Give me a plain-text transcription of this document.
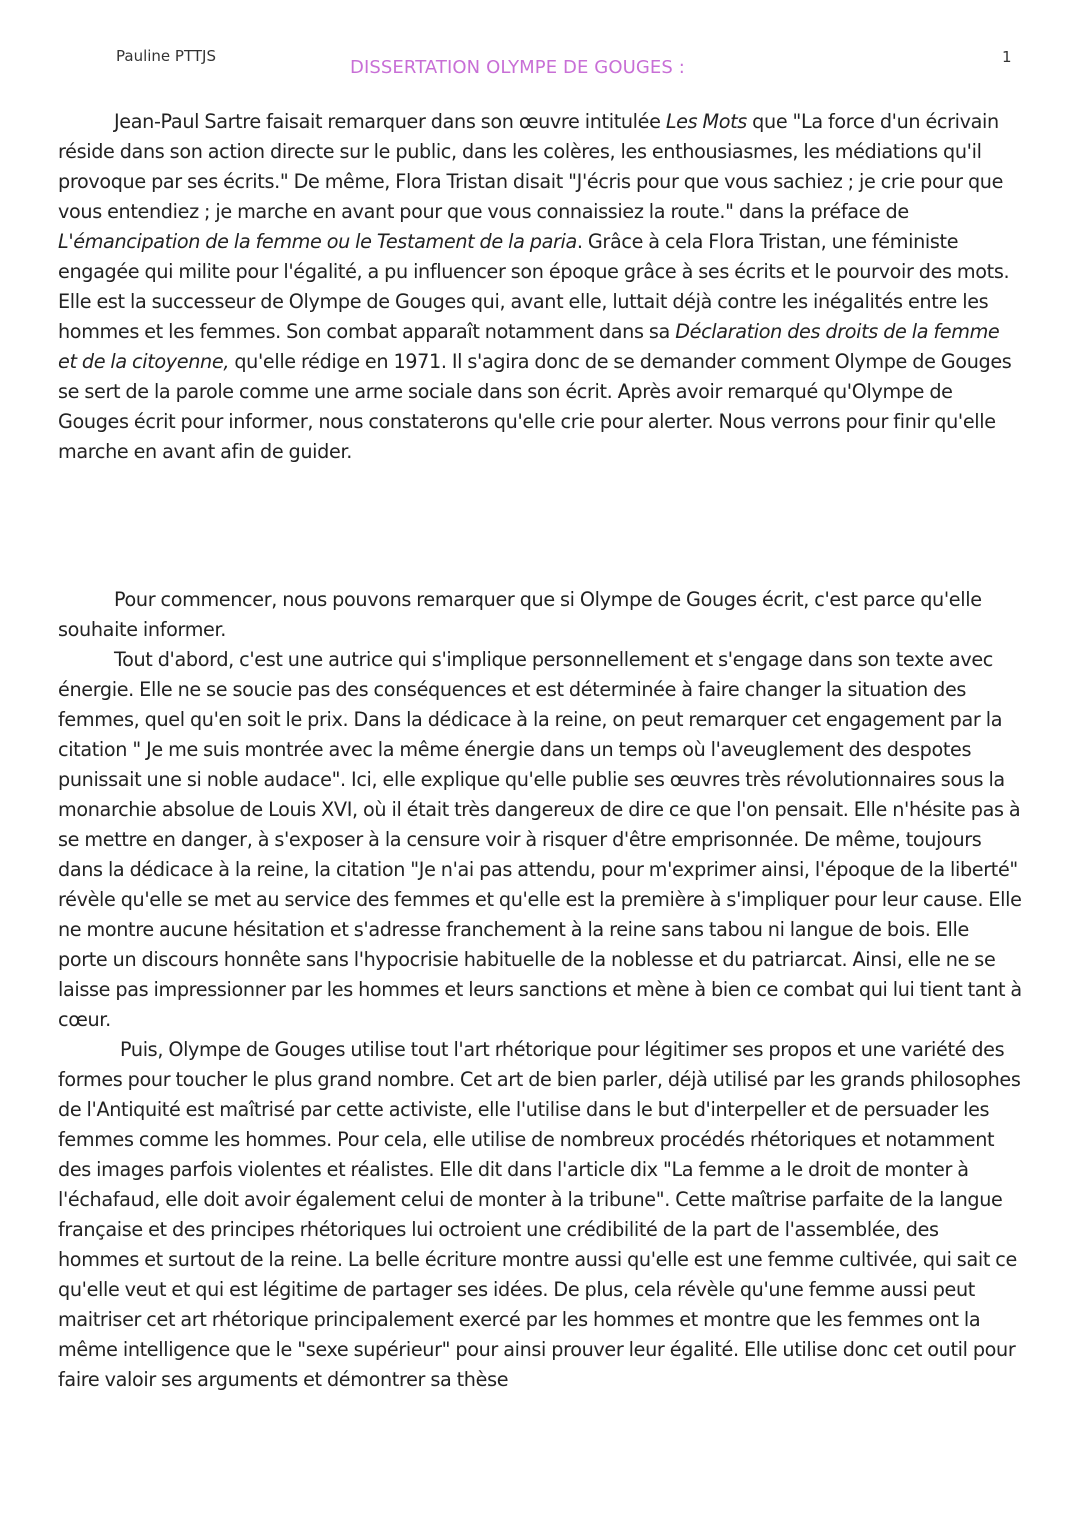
Pauline PTTJS
DISSERTATION OLYMPE DE GOUGES :	1

Jean-Paul Sartre faisait remarquer dans son œuvre intitulée Les Mots que "La force d'un écrivain réside dans son action directe sur le public, dans les colères, les enthousiasmes, les médiations qu'il provoque par ses écrits." De même, Flora Tristan disait "J'écris pour que vous sachiez ; je crie pour que vous entendiez ; je marche en avant pour que vous connaissiez la route." dans la préface de L'émancipation de la femme ou le Testament de la paria. Grâce à cela Flora Tristan, une féministe engagée qui milite pour l'égalité, a pu influencer son époque grâce à ses écrits et le pourvoir des mots. Elle est la successeur de Olympe de Gouges qui, avant elle, luttait déjà contre les inégalités entre les hommes et les femmes. Son combat apparaît notamment dans sa Déclaration des droits de la femme et de la citoyenne, qu'elle rédige en 1971. Il s'agira donc de se demander comment Olympe de Gouges se sert de la parole comme une arme sociale dans son écrit. Après avoir remarqué qu'Olympe de Gouges écrit pour informer, nous constaterons qu'elle crie pour alerter. Nous verrons pour finir qu'elle marche en avant afin de guider.

Pour commencer, nous pouvons remarquer que si Olympe de Gouges écrit, c'est parce qu'elle souhaite informer.

Tout d'abord, c'est une autrice qui s'implique personnellement et s'engage dans son texte avec énergie. Elle ne se soucie pas des conséquences et est déterminée à faire changer la situation des femmes, quel qu'en soit le prix. Dans la dédicace à la reine, on peut remarquer cet engagement par la citation " Je me suis montrée avec la même énergie dans un temps où l'aveuglement des despotes punissait une si noble audace". Ici, elle explique qu'elle publie ses œuvres très révolutionnaires sous la monarchie absolue de Louis XVI, où il était très dangereux de dire ce que l'on pensait. Elle n'hésite pas à se mettre en danger, à s'exposer à la censure voir à risquer d'être emprisonnée. De même, toujours dans la dédicace à la reine, la citation "Je n'ai pas attendu, pour m'exprimer ainsi, l'époque de la liberté" révèle qu'elle se met au service des femmes et qu'elle est la première à s'impliquer pour leur cause. Elle ne montre aucune hésitation et s'adresse franchement à la reine sans tabou ni langue de bois. Elle porte un discours honnête sans l'hypocrisie habituelle de la noblesse et du patriarcat. Ainsi, elle ne se laisse pas impressionner par les hommes et leurs sanctions et mène à bien ce combat qui lui tient tant à cœur.

Puis, Olympe de Gouges utilise tout l'art rhétorique pour légitimer ses propos et une variété des formes pour toucher le plus grand nombre. Cet art de bien parler, déjà utilisé par les grands philosophes de l'Antiquité est maîtrisé par cette activiste, elle l'utilise dans le but d'interpeller et de persuader les femmes comme les hommes. Pour cela, elle utilise de nombreux procédés rhétoriques et notamment des images parfois violentes et réalistes. Elle dit dans l'article dix "La femme a le droit de monter à l'échafaud, elle doit avoir également celui de monter à la tribune". Cette maîtrise parfaite de la langue française et des principes rhétoriques lui octroient une crédibilité de la part de l'assemblée, des hommes et surtout de la reine. La belle écriture montre aussi qu'elle est une femme cultivée, qui sait ce qu'elle veut et qui est légitime de partager ses idées. De plus, cela révèle qu'une femme aussi peut maitriser cet art rhétorique principalement exercé par les hommes et montre que les femmes ont la même intelligence que le "sexe supérieur" pour ainsi prouver leur égalité. Elle utilise donc cet outil pour faire valoir ses arguments et démontrer sa thèse
